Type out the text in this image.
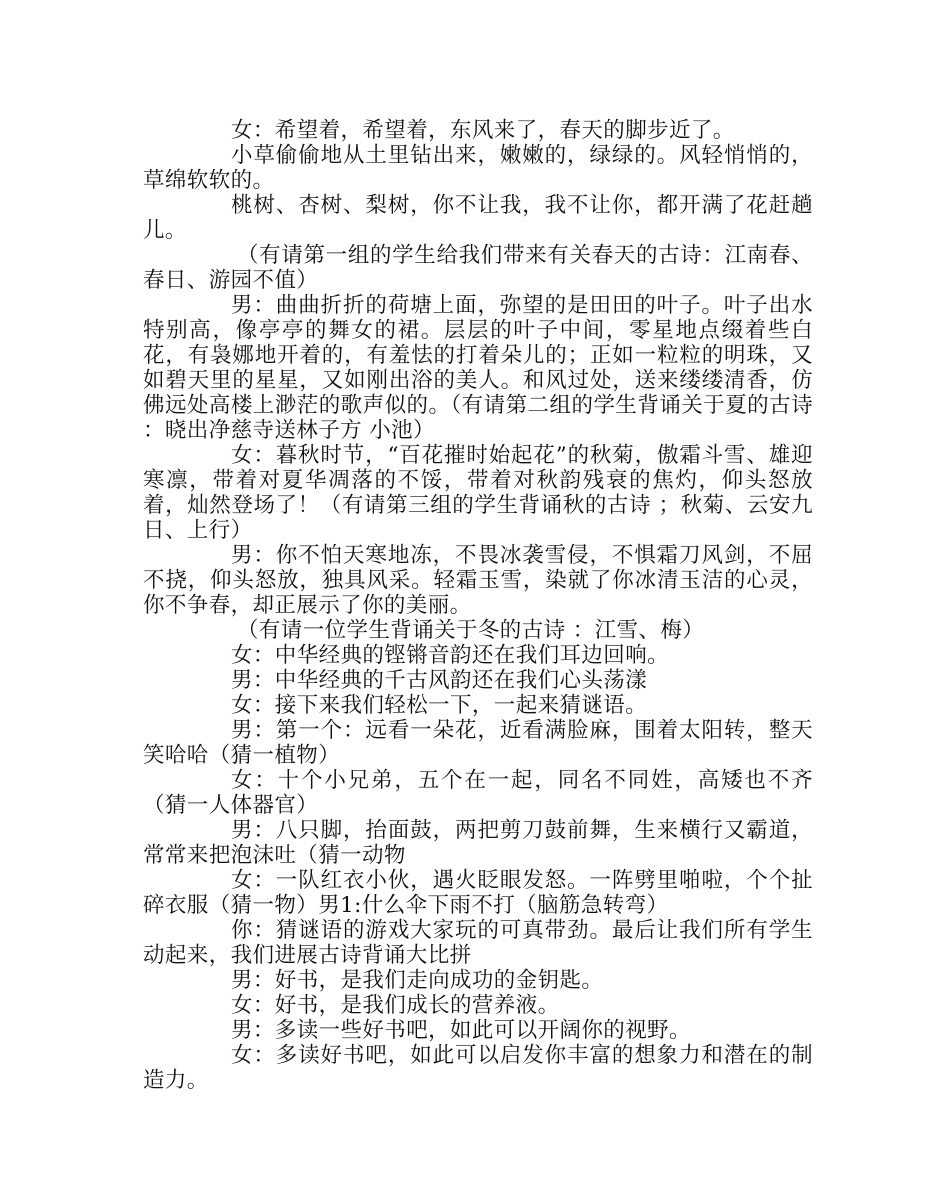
女：希望着，希望着，东风来了，春天的脚步近了。

小草偷偷地从土里钻出来，嫩嫩的，绿绿的。风轻悄悄的，草绵软软的。

桃树、杏树、梨树，你不让我，我不让你，都开满了花赶趟儿。

（有请第一组的学生给我们带来有关春天的古诗：江南春、春日、游园不值）

男：曲曲折折的荷塘上面，弥望的是田田的叶子。叶子出水特别高，像亭亭的舞女的裙。层层的叶子中间，零星地点缀着些白花，有袅娜地开着的，有羞怯的打着朵儿的；正如一粒粒的明珠，又如碧天里的星星，又如刚出浴的美人。和风过处，送来缕缕清香，仿佛远处高楼上渺茫的歌声似的。（有请第二组的学生背诵关于夏的古诗 ：晓出净慈寺送林子方 小池）

女：暮秋时节，“百花摧时始起花”的秋菊，傲霜斗雪、雄迎寒凛，带着对夏华凋落的不馁，带着对秋韵残衰的焦灼，仰头怒放着，灿然登场了！（有请第三组的学生背诵秋的古诗 ；秋菊、云安九日、上行）

男：你不怕天寒地冻，不畏冰袭雪侵，不惧霜刀风剑，不屈不挠，仰头怒放，独具风采。轻霜玉雪，染就了你冰清玉洁的心灵，你不争春，却正展示了你的美丽。

（有请一位学生背诵关于冬的古诗 ：江雪、梅）

女：中华经典的铿锵音韵还在我们耳边回响。

男：中华经典的千古风韵还在我们心头荡漾

女：接下来我们轻松一下，一起来猜谜语。

男：第一个：远看一朵花，近看满脸麻，围着太阳转，整天笑哈哈（猜一植物）

女：十个小兄弟，五个在一起，同名不同姓，高矮也不齐（猜一人体器官）

男：八只脚，抬面鼓，两把剪刀鼓前舞，生来横行又霸道，常常来把泡沫吐（猜一动物

女：一队红衣小伙，遇火眨眼发怒。一阵劈里啪啦，个个扯碎衣服（猜一物）男1:什么伞下雨不打（脑筋急转弯）

你：猜谜语的游戏大家玩的可真带劲。最后让我们所有学生动起来，我们进展古诗背诵大比拼

男：好书，是我们走向成功的金钥匙。

女：好书，是我们成长的营养液。

男：多读一些好书吧，如此可以开阔你的视野。

女：多读好书吧，如此可以启发你丰富的想象力和潜在的制造力。
